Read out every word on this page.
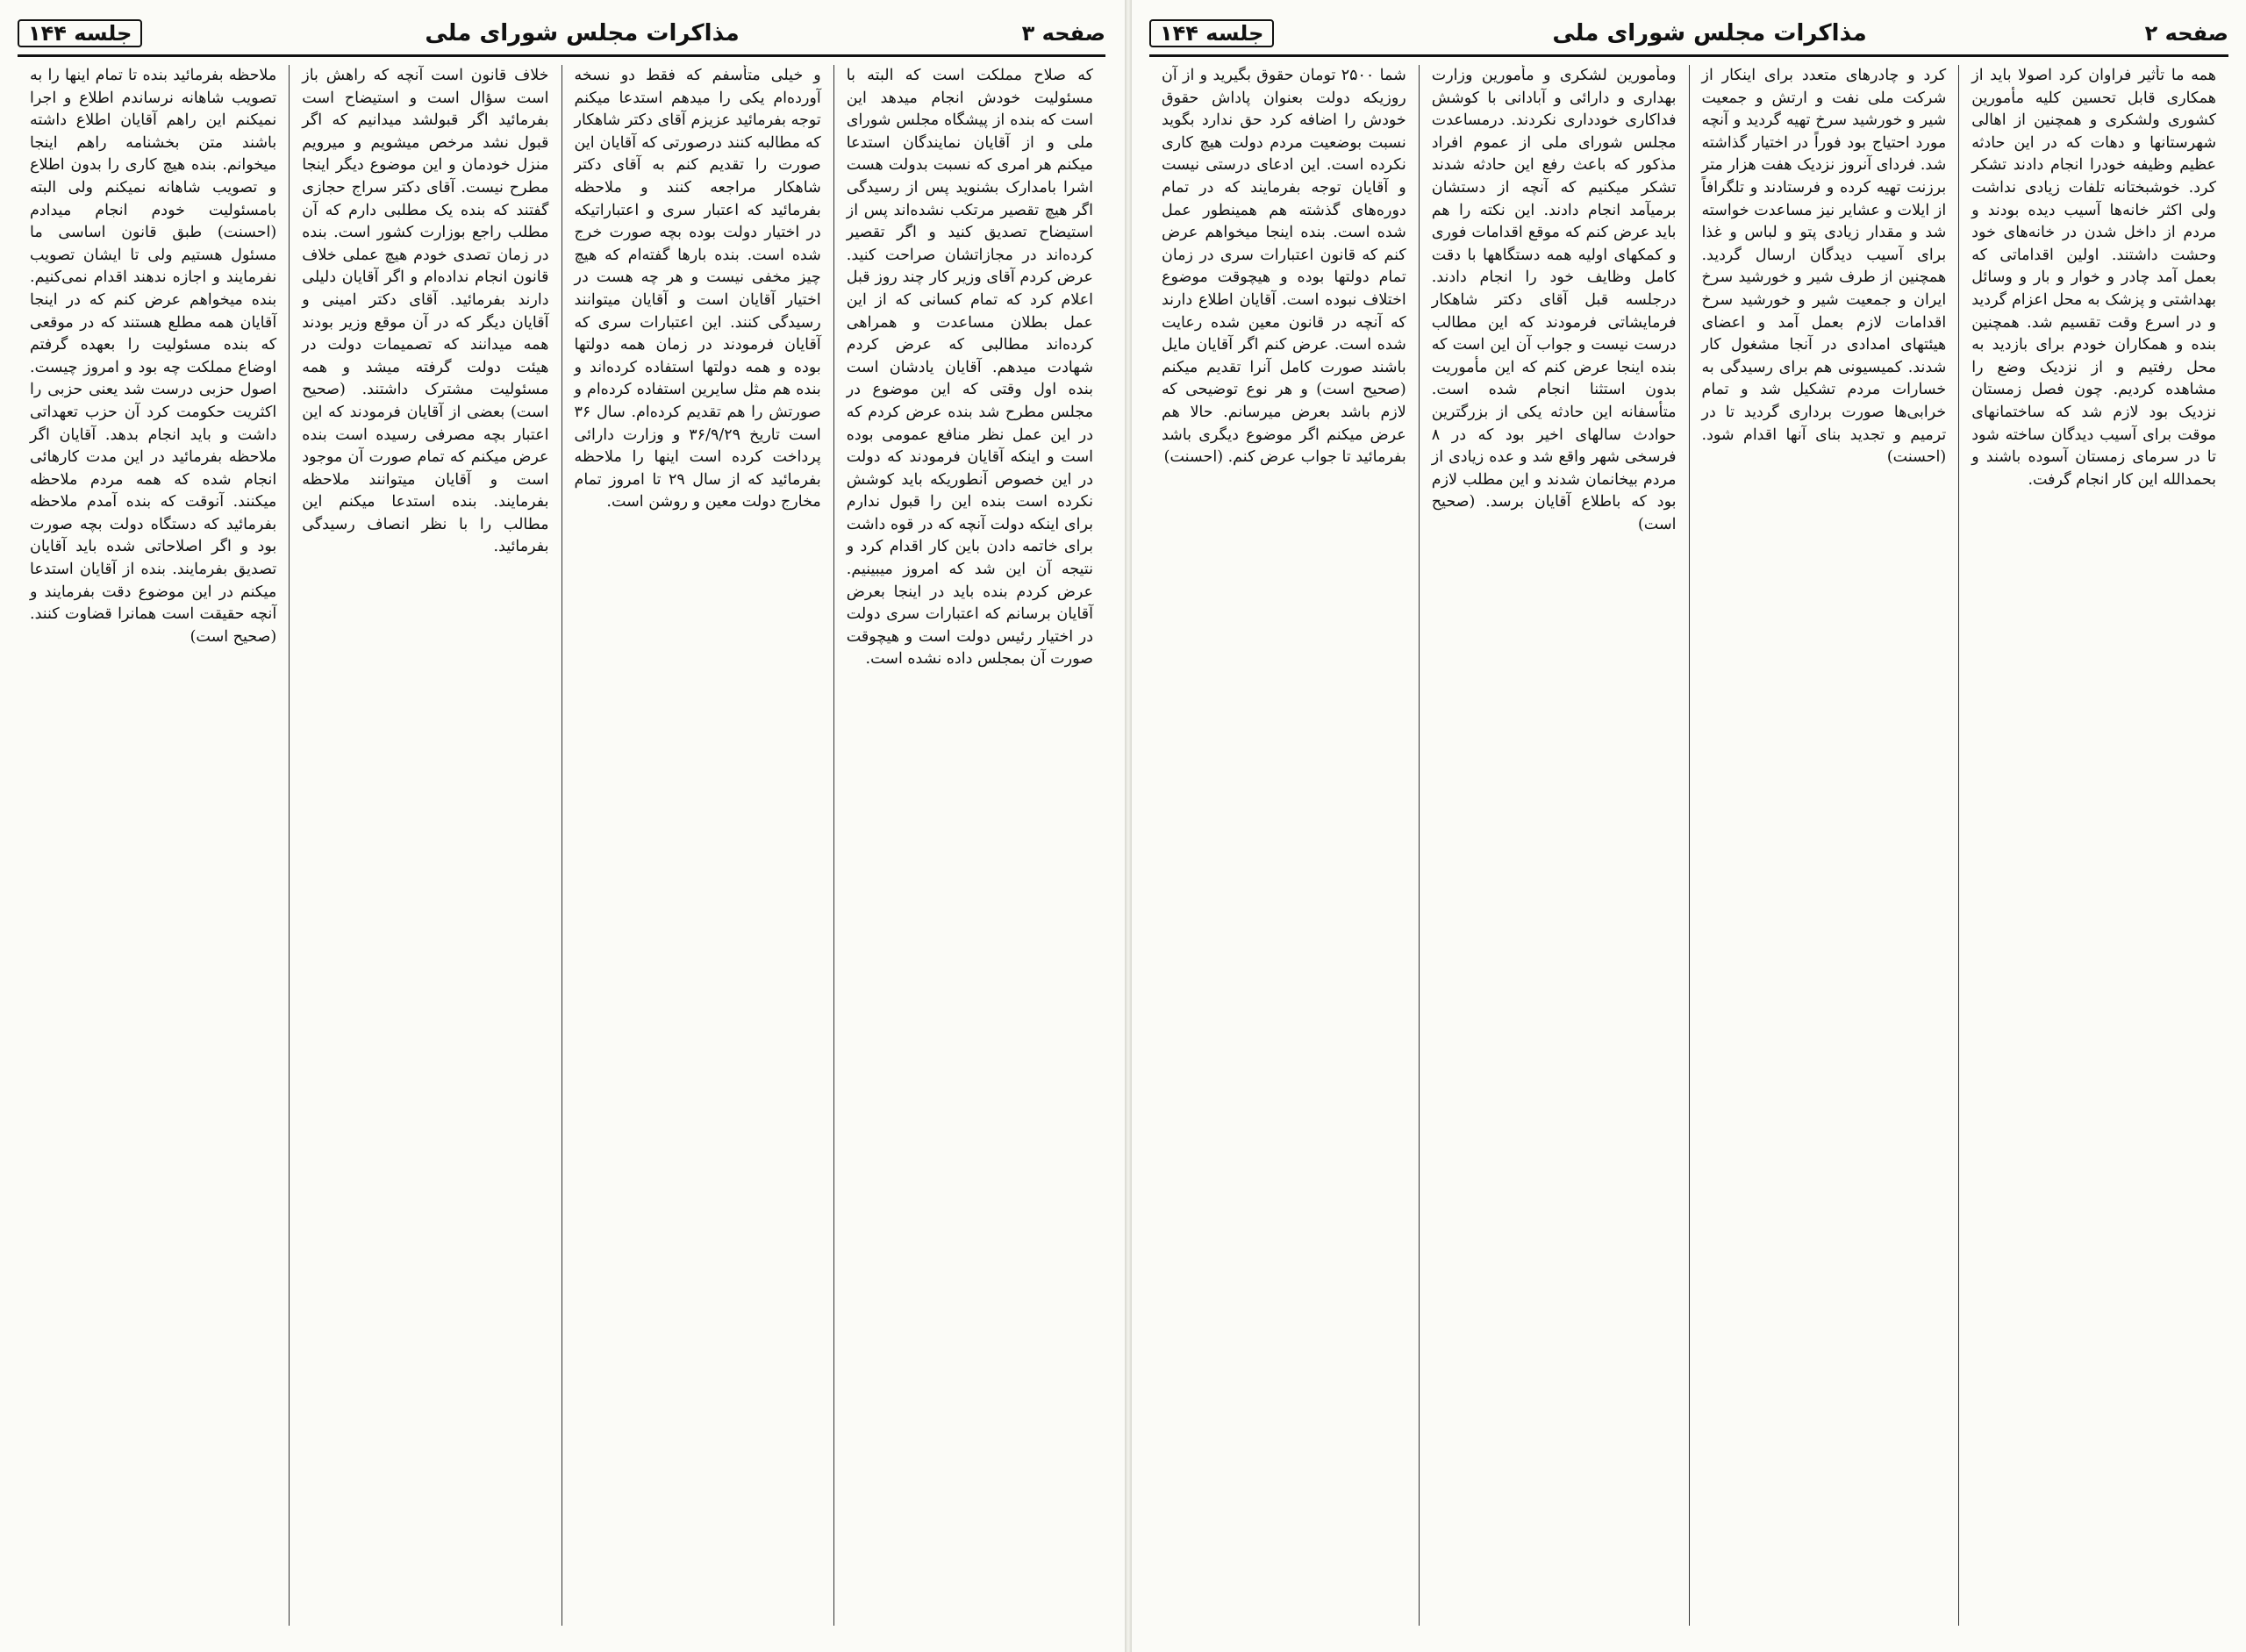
صفحه ۳
مذاکرات مجلس شورای ملی
جلسه ۱۴۴

که صلاح مملکت است که البته با مسئولیت خودش انجام میدهد این است که بنده از پیشگاه مجلس شورای ملی و از آقایان نمایندگان استدعا میکنم هر امری که نسبت بدولت هست اشرا بامدارک بشنوید پس از رسیدگی اگر هیچ تقصیر مرتکب نشده‌اند پس از استیضاح تصدیق کنید و اگر تقصیر کرده‌اند در مجازاتشان صراحت کنید. عرض کردم آقای وزیر کار چند روز قبل اعلام کرد که تمام کسانی که از این عمل بطلان مساعدت و همراهی کرده‌اند مطالبی که عرض کردم شهادت میدهم. آقایان یادشان است بنده اول وقتی که این موضوع در مجلس مطرح شد بنده عرض کردم که در این عمل نظر منافع عمومی بوده است و اینکه آقایان فرمودند که دولت در این خصوص آنطوریکه باید کوشش نکرده است بنده این را قبول ندارم برای اینکه دولت آنچه که در قوه داشت برای خاتمه دادن باین کار اقدام کرد و نتیجه آن این شد که امروز میبینیم. عرض کردم بنده باید در اینجا بعرض آقایان برسانم که اعتبارات سری دولت در اختیار رئیس دولت است و هیچوقت صورت آن بمجلس داده نشده است.

و خیلی متأسفم که فقط دو نسخه آورده‌ام یکی را میدهم استدعا میکنم توجه بفرمائید عزیزم آقای دکتر شاهکار که مطالبه کنند درصورتی که آقایان این صورت را تقدیم کنم به آقای دکتر شاهکار مراجعه کنند و ملاحظه بفرمائید که اعتبار سری و اعتباراتیکه در اختیار دولت بوده بچه صورت خرج شده است. بنده بارها گفته‌ام که هیچ چیز مخفی نیست و هر چه هست در اختیار آقایان است و آقایان میتوانند رسیدگی کنند. این اعتبارات سری که آقایان فرمودند در زمان همه دولتها بوده و همه دولتها استفاده کرده‌اند و بنده هم مثل سایرین استفاده کرده‌ام و صورتش را هم تقدیم کرده‌ام. سال ۳۶ است تاریخ ۳۶/۹/۲۹ و وزارت دارائی پرداخت کرده است اینها را ملاحظه بفرمائید که از سال ۲۹ تا امروز تمام مخارج دولت معین و روشن است.

خلاف قانون است آنچه که راهش باز است سؤال است و استیضاح است بفرمائید اگر قبولشد میدانیم که اگر قبول نشد مرخص میشویم و میرویم منزل خودمان و این موضوع دیگر اینجا مطرح نیست. آقای دکتر سراج حجازی گفتند که بنده یک مطلبی دارم که آن مطلب راجع بوزارت کشور است. بنده در زمان تصدی خودم هیچ عملی خلاف قانون انجام نداده‌ام و اگر آقایان دلیلی دارند بفرمائید. آقای دکتر امینی و آقایان دیگر که در آن موقع وزیر بودند همه میدانند که تصمیمات دولت در هیئت دولت گرفته میشد و همه مسئولیت مشترک داشتند. (صحیح است) بعضی از آقایان فرمودند که این اعتبار بچه مصرفی رسیده است بنده عرض میکنم که تمام صورت آن موجود است و آقایان میتوانند ملاحظه بفرمایند. بنده استدعا میکنم این مطالب را با نظر انصاف رسیدگی بفرمائید.

ملاحظه بفرمائید بنده تا تمام اینها را به تصویب شاهانه نرساندم اطلاع و اجرا نمیکنم این راهم آقایان اطلاع داشته باشند متن بخشنامه راهم اینجا میخوانم. بنده هیچ کاری را بدون اطلاع و تصویب شاهانه نمیکنم ولی البته بامسئولیت خودم انجام میدادم (احسنت) طبق قانون اساسی ما مسئول هستیم ولی تا ایشان تصویب نفرمایند و اجازه ندهند اقدام نمی‌کنیم. بنده میخواهم عرض کنم که در اینجا آقایان همه مطلع هستند که در موقعی که بنده مسئولیت را بعهده گرفتم اوضاع مملکت چه بود و امروز چیست. اصول حزبی درست شد یعنی حزبی را اکثریت حکومت کرد آن حزب تعهداتی داشت و باید انجام بدهد. آقایان اگر ملاحظه بفرمائید در این مدت کارهائی انجام شده که همه مردم ملاحظه میکنند. آنوقت که بنده آمدم ملاحظه بفرمائید که دستگاه دولت بچه صورت بود و اگر اصلاحاتی شده باید آقایان تصدیق بفرمایند. بنده از آقایان استدعا میکنم در این موضوع دقت بفرمایند و آنچه حقیقت است همانرا قضاوت کنند. (صحیح است)

صفحه ۲
مذاکرات مجلس شورای ملی
جلسه ۱۴۴

همه ما تأثیر فراوان کرد اصولا باید از همکاری قابل تحسین کلیه مأمورین کشوری ولشکری و همچنین از اهالی شهرستانها و دهات که در این حادثه عظیم وظیفه خودرا انجام دادند تشکر کرد. خوشبختانه تلفات زیادی نداشت ولی اکثر خانه‌ها آسیب دیده بودند و مردم از داخل شدن در خانه‌های خود وحشت داشتند. اولین اقداماتی که بعمل آمد چادر و خوار و بار و وسائل بهداشتی و پزشک به محل اعزام گردید و در اسرع وقت تقسیم شد. همچنین بنده و همکاران خودم برای بازدید به محل رفتیم و از نزدیک وضع را مشاهده کردیم. چون فصل زمستان نزدیک بود لازم شد که ساختمانهای موقت برای آسیب دیدگان ساخته شود تا در سرمای زمستان آسوده باشند و بحمدالله این کار انجام گرفت.

کرد و چادرهای متعدد برای اینکار از شرکت ملی نفت و ارتش و جمعیت شیر و خورشید سرخ تهیه گردید و آنچه مورد احتیاج بود فوراً در اختیار گذاشته شد. فردای آنروز نزدیک هفت هزار متر برزنت تهیه کرده و فرستادند و تلگرافاً از ایلات و عشایر نیز مساعدت خواسته شد و مقدار زیادی پتو و لباس و غذا برای آسیب دیدگان ارسال گردید. همچنین از طرف شیر و خورشید سرخ ایران و جمعیت شیر و خورشید سرخ اقدامات لازم بعمل آمد و اعضای هیئتهای امدادی در آنجا مشغول کار شدند. کمیسیونی هم برای رسیدگی به خسارات مردم تشکیل شد و تمام خرابی‌ها صورت برداری گردید تا در ترمیم و تجدید بنای آنها اقدام شود. (احسنت)

ومأمورین لشکری و مأمورین وزارت بهداری و دارائی و آبادانی با کوشش فداکاری خودداری نکردند. درمساعدت مجلس شورای ملی از عموم افراد مذکور که باعث رفع این حادثه شدند تشکر میکنیم که آنچه از دستشان برمیآمد انجام دادند. این نکته را هم باید عرض کنم که موقع اقدامات فوری و کمکهای اولیه همه دستگاهها با دقت کامل وظایف خود را انجام دادند. درجلسه قبل آقای دکتر شاهکار فرمایشاتی فرمودند که این مطالب درست نیست و جواب آن این است که بنده اینجا عرض کنم که این مأموریت بدون استثنا انجام شده است. متأسفانه این حادثه یکی از بزرگترین حوادث سالهای اخیر بود که در ۸ فرسخی شهر واقع شد و عده زیادی از مردم بیخانمان شدند و این مطلب لازم بود که باطلاع آقایان برسد. (صحیح است)

شما ۲۵۰۰ تومان حقوق بگیرید و از آن روزیکه دولت بعنوان پاداش حقوق خودش را اضافه کرد حق ندارد بگوید نسبت بوضعیت مردم دولت هیچ کاری نکرده است. این ادعای درستی نیست و آقایان توجه بفرمایند که در تمام دوره‌های گذشته هم همینطور عمل شده است. بنده اینجا میخواهم عرض کنم که قانون اعتبارات سری در زمان تمام دولتها بوده و هیچوقت موضوع اختلاف نبوده است. آقایان اطلاع دارند که آنچه در قانون معین شده رعایت شده است. عرض کنم اگر آقایان مایل باشند صورت کامل آنرا تقدیم میکنم (صحیح است) و هر نوع توضیحی که لازم باشد بعرض میرسانم. حالا هم عرض میکنم اگر موضوع دیگری باشد بفرمائید تا جواب عرض کنم. (احسنت)
